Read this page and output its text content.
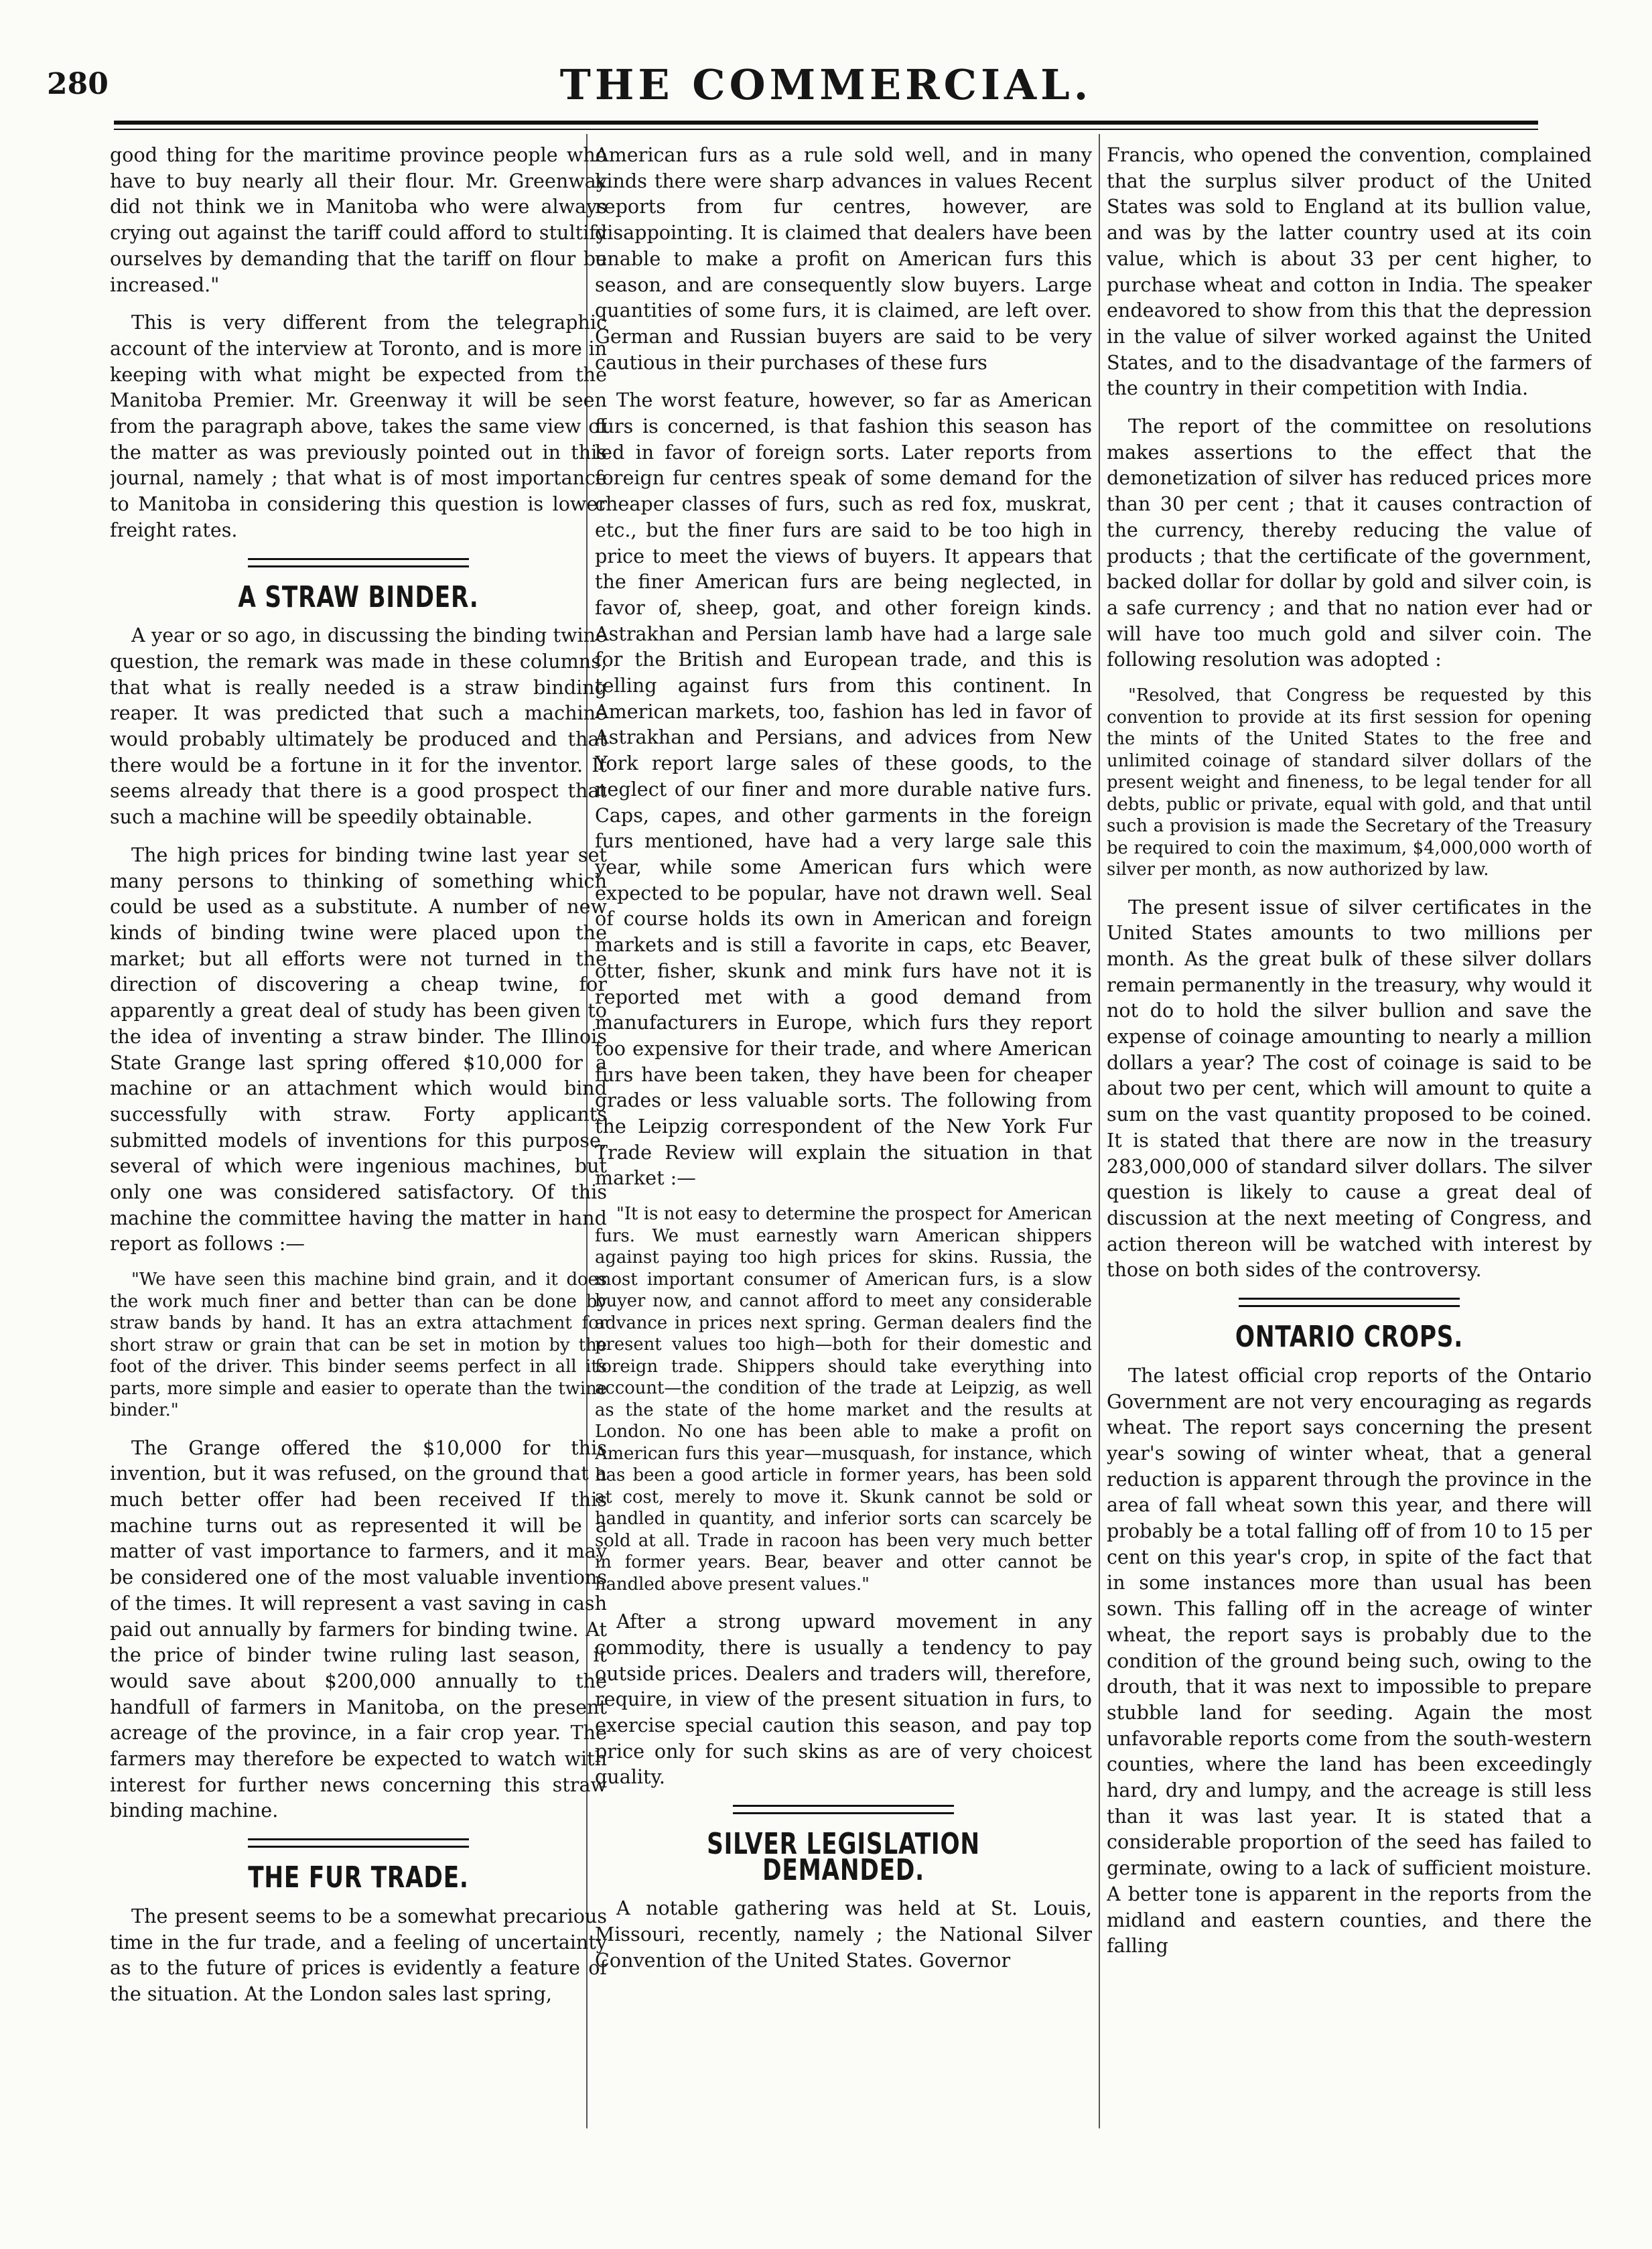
280	THE COMMERCIAL.

good thing for the maritime province people who have to buy nearly all their flour. Mr. Greenway did not think we in Manitoba who were always crying out against the tariff could afford to stultify ourselves by demanding that the tariff on flour be increased."

This is very different from the telegraphic account of the interview at Toronto, and is more in keeping with what might be expected from the Manitoba Premier. Mr. Greenway it will be seen from the paragraph above, takes the same view of the matter as was previously pointed out in this journal, namely ; that what is of most importance to Manitoba in considering this question is lower freight rates.

A STRAW BINDER.

A year or so ago, in discussing the binding twine question, the remark was made in these columns, that what is really needed is a straw binding reaper. It was predicted that such a machine would probably ultimately be produced and that there would be a fortune in it for the inventor. It seems already that there is a good prospect that such a machine will be speedily obtainable.

The high prices for binding twine last year set many persons to thinking of something which could be used as a substitute. A number of new kinds of binding twine were placed upon the market; but all efforts were not turned in the direction of discovering a cheap twine, for apparently a great deal of study has been given to the idea of inventing a straw binder. The Illinois State Grange last spring offered $10,000 for a machine or an attachment which would bind successfully with straw. Forty applicants submitted models of inventions for this purpose, several of which were ingenious machines, but only one was considered satisfactory. Of this machine the committee having the matter in hand report as follows :—

"We have seen this machine bind grain, and it does the work much finer and better than can be done by straw bands by hand. It has an extra attachment for short straw or grain that can be set in motion by the foot of the driver. This binder seems perfect in all its parts, more simple and easier to operate than the twine binder."

The Grange offered the $10,000 for this invention, but it was refused, on the ground that a much better offer had been received If this machine turns out as represented it will be a matter of vast importance to farmers, and it may be considered one of the most valuable inventions of the times. It will represent a vast saving in cash paid out annually by farmers for binding twine. At the price of binder twine ruling last season, it would save about $200,000 annually to the handfull of farmers in Manitoba, on the present acreage of the province, in a fair crop year. The farmers may therefore be expected to watch with interest for further news concerning this straw binding machine.

THE FUR TRADE.

The present seems to be a somewhat precarious time in the fur trade, and a feeling of uncertainty as to the future of prices is evidently a feature of the situation. At the London sales last spring,

American furs as a rule sold well, and in many kinds there were sharp advances in values Recent reports from fur centres, however, are disappointing. It is claimed that dealers have been unable to make a profit on American furs this season, and are consequently slow buyers. Large quantities of some furs, it is claimed, are left over. German and Russian buyers are said to be very cautious in their purchases of these furs

The worst feature, however, so far as American furs is concerned, is that fashion this season has led in favor of foreign sorts. Later reports from foreign fur centres speak of some demand for the cheaper classes of furs, such as red fox, muskrat, etc., but the finer furs are said to be too high in price to meet the views of buyers. It appears that the finer American furs are being neglected, in favor of, sheep, goat, and other foreign kinds. Astrakhan and Persian lamb have had a large sale for the British and European trade, and this is telling against furs from this continent. In American markets, too, fashion has led in favor of Astrakhan and Persians, and advices from New York report large sales of these goods, to the neglect of our finer and more durable native furs. Caps, capes, and other garments in the foreign furs mentioned, have had a very large sale this year, while some American furs which were expected to be popular, have not drawn well. Seal of course holds its own in American and foreign markets and is still a favorite in caps, etc Beaver, otter, fisher, skunk and mink furs have not it is reported met with a good demand from manufacturers in Europe, which furs they report too expensive for their trade, and where American furs have been taken, they have been for cheaper grades or less valuable sorts. The following from the Leipzig correspondent of the New York Fur Trade Review will explain the situation in that market :—

"It is not easy to determine the prospect for American furs. We must earnestly warn American shippers against paying too high prices for skins. Russia, the most important consumer of American furs, is a slow buyer now, and cannot afford to meet any considerable advance in prices next spring. German dealers find the present values too high—both for their domestic and foreign trade. Shippers should take everything into account—the condition of the trade at Leipzig, as well as the state of the home market and the results at London. No one has been able to make a profit on American furs this year—musquash, for instance, which has been a good article in former years, has been sold at cost, merely to move it. Skunk cannot be sold or handled in quantity, and inferior sorts can scarcely be sold at all. Trade in racoon has been very much better in former years. Bear, beaver and otter cannot be handled above present values."

After a strong upward movement in any commodity, there is usually a tendency to pay outside prices. Dealers and traders will, therefore, require, in view of the present situation in furs, to exercise special caution this season, and pay top price only for such skins as are of very choicest quality.

SILVER LEGISLATION DEMANDED.

A notable gathering was held at St. Louis, Missouri, recently, namely ; the National Silver Convention of the United States. Governor

Francis, who opened the convention, complained that the surplus silver product of the United States was sold to England at its bullion value, and was by the latter country used at its coin value, which is about 33 per cent higher, to purchase wheat and cotton in India. The speaker endeavored to show from this that the depression in the value of silver worked against the United States, and to the disadvantage of the farmers of the country in their competition with India.

The report of the committee on resolutions makes assertions to the effect that the demonetization of silver has reduced prices more than 30 per cent ; that it causes contraction of the currency, thereby reducing the value of products ; that the certificate of the government, backed dollar for dollar by gold and silver coin, is a safe currency ; and that no nation ever had or will have too much gold and silver coin. The following resolution was adopted :

"Resolved, that Congress be requested by this convention to provide at its first session for opening the mints of the United States to the free and unlimited coinage of standard silver dollars of the present weight and fineness, to be legal tender for all debts, public or private, equal with gold, and that until such a provision is made the Secretary of the Treasury be required to coin the maximum, $4,000,000 worth of silver per month, as now authorized by law.

The present issue of silver certificates in the United States amounts to two millions per month. As the great bulk of these silver dollars remain permanently in the treasury, why would it not do to hold the silver bullion and save the expense of coinage amounting to nearly a million dollars a year? The cost of coinage is said to be about two per cent, which will amount to quite a sum on the vast quantity proposed to be coined. It is stated that there are now in the treasury 283,000,000 of standard silver dollars. The silver question is likely to cause a great deal of discussion at the next meeting of Congress, and action thereon will be watched with interest by those on both sides of the controversy.

ONTARIO CROPS.

The latest official crop reports of the Ontario Government are not very encouraging as regards wheat. The report says concerning the present year's sowing of winter wheat, that a general reduction is apparent through the province in the area of fall wheat sown this year, and there will probably be a total falling off of from 10 to 15 per cent on this year's crop, in spite of the fact that in some instances more than usual has been sown. This falling off in the acreage of winter wheat, the report says is probably due to the condition of the ground being such, owing to the drouth, that it was next to impossible to prepare stubble land for seeding. Again the most unfavorable reports come from the south-western counties, where the land has been exceedingly hard, dry and lumpy, and the acreage is still less than it was last year. It is stated that a considerable proportion of the seed has failed to germinate, owing to a lack of sufficient moisture. A better tone is apparent in the reports from the midland and eastern counties, and there the falling
